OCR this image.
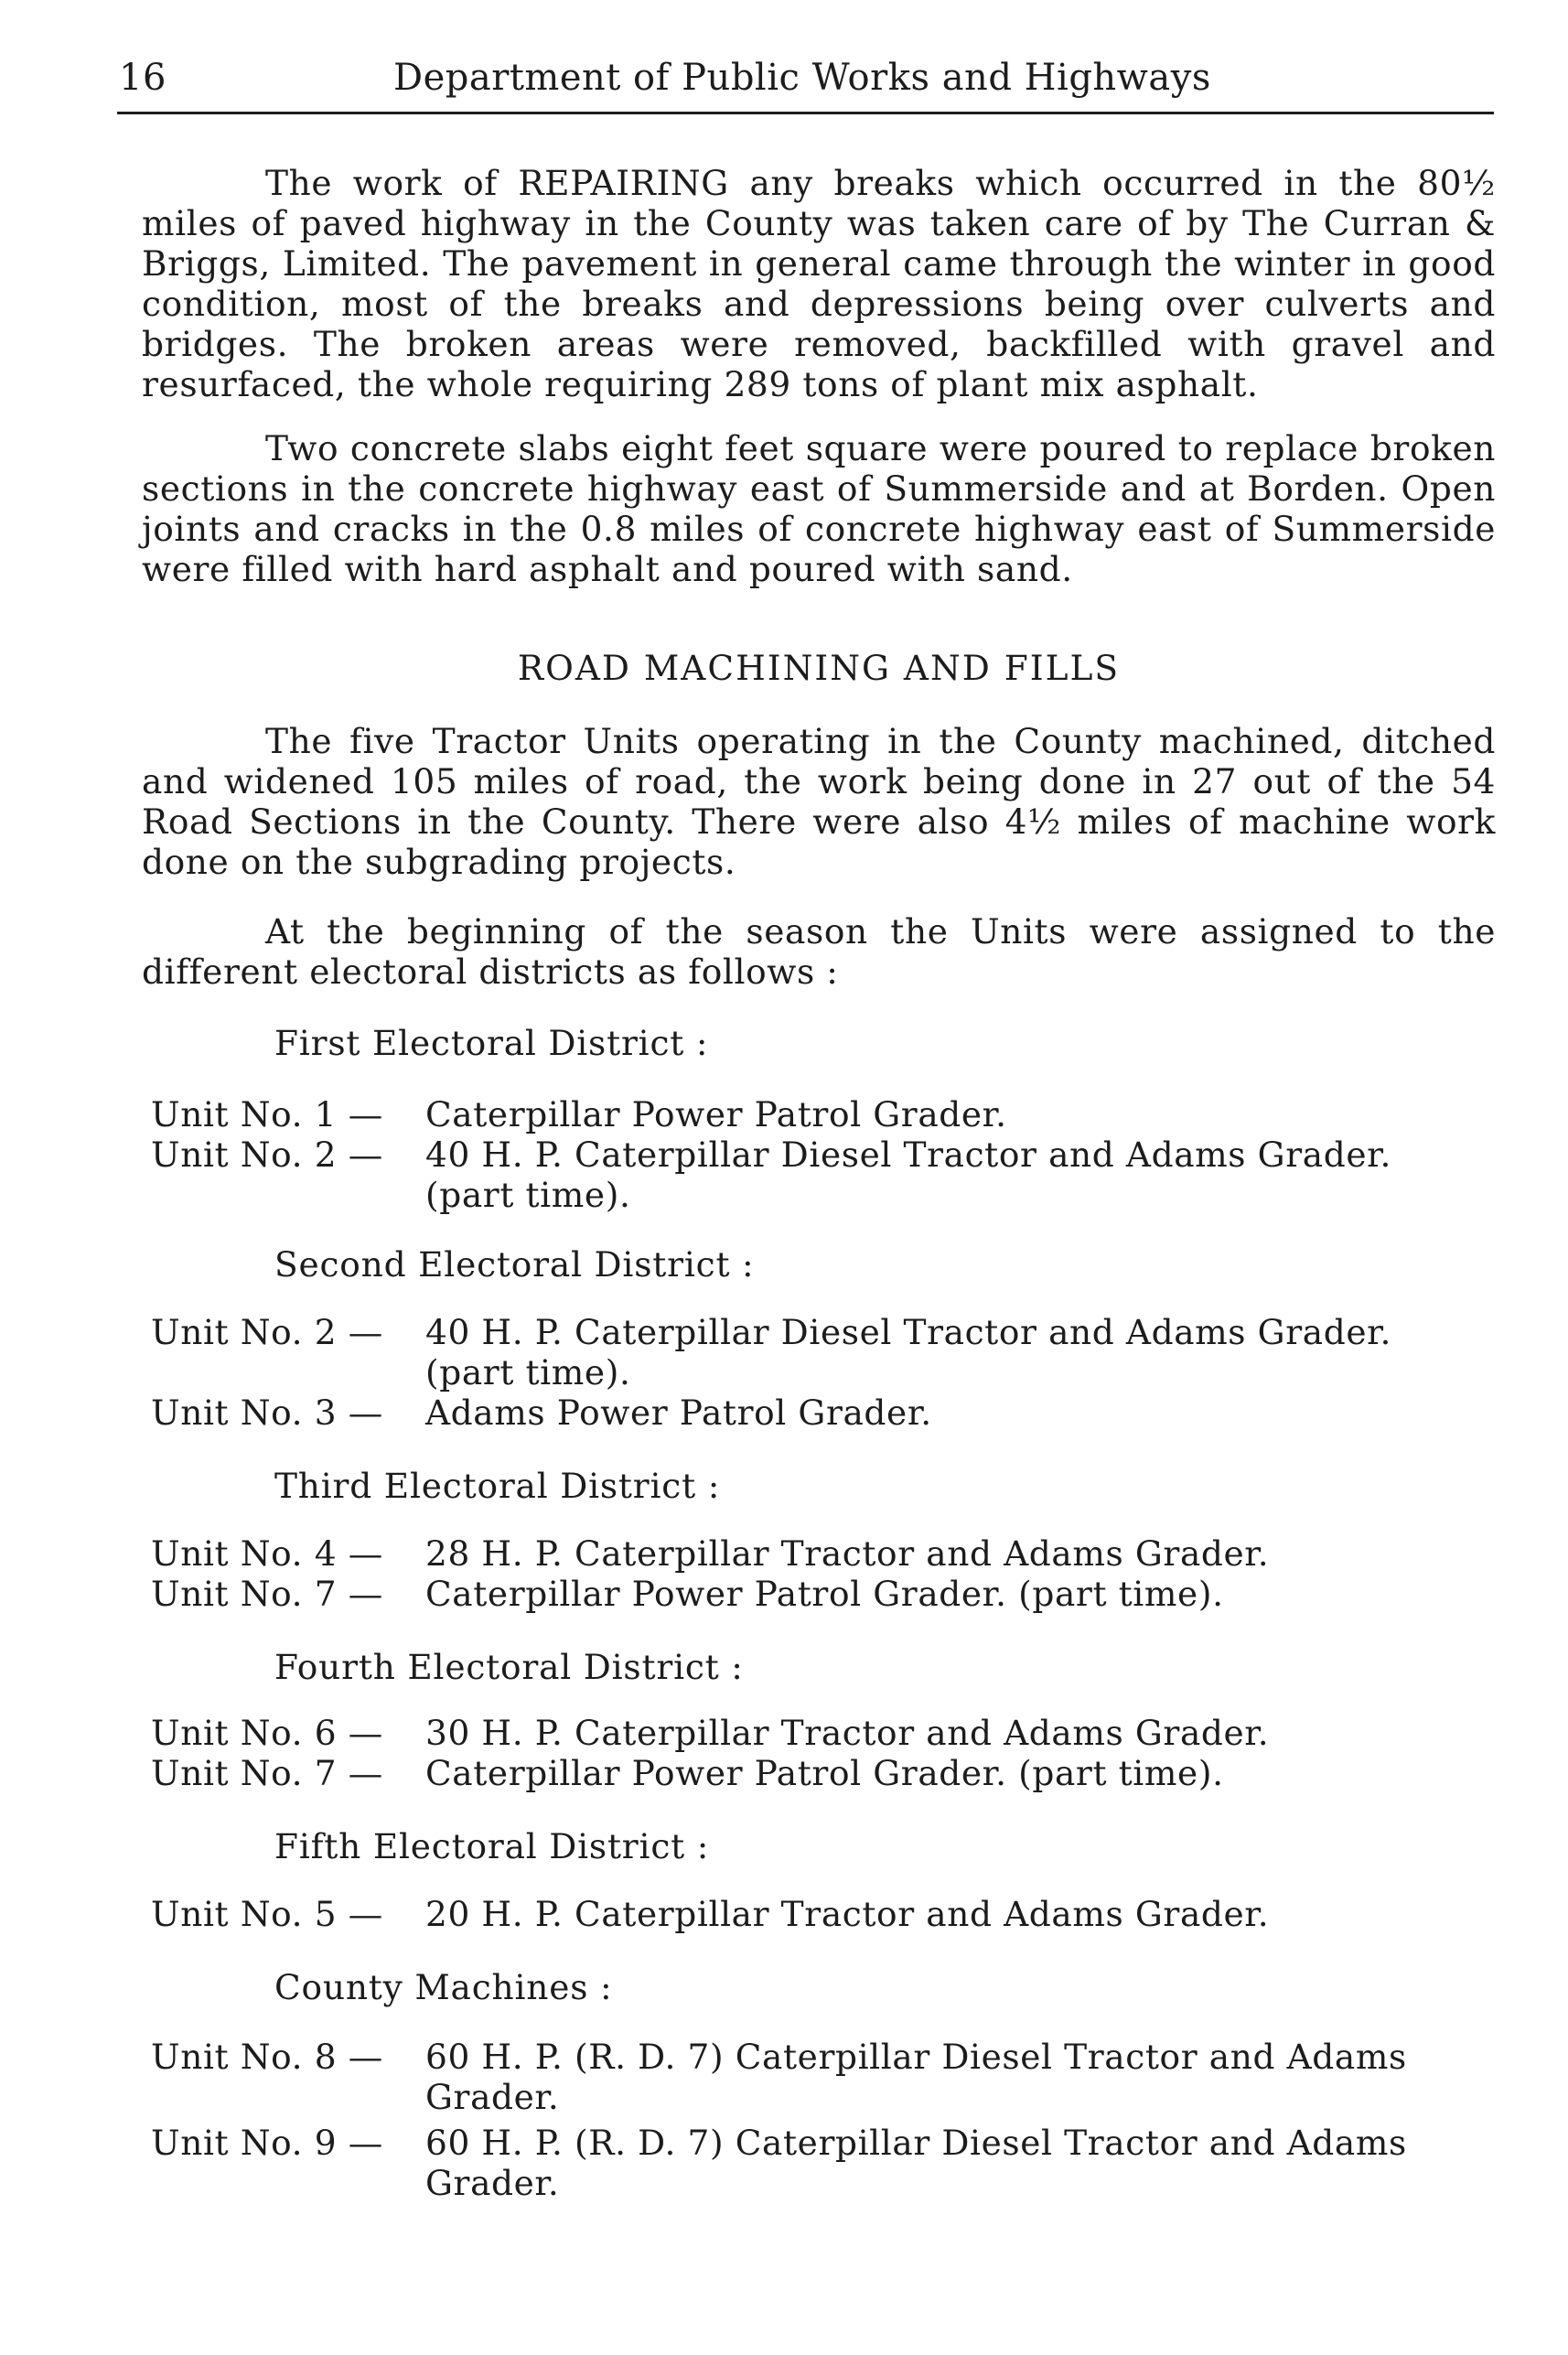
16	Department of Public Works and Highways

The work of REPAIRING any breaks which occurred in the 80½ miles of paved highway in the County was taken care of by The Curran & Briggs, Limited. The pavement in general came through the winter in good condition, most of the breaks and depressions being over culverts and bridges. The broken areas were removed, backfilled with gravel and resurfaced, the whole requiring 289 tons of plant mix asphalt.

Two concrete slabs eight feet square were poured to replace broken sections in the concrete highway east of Summerside and at Borden. Open joints and cracks in the 0.8 miles of concrete highway east of Summerside were filled with hard asphalt and poured with sand.

ROAD MACHINING AND FILLS

The five Tractor Units operating in the County machined, ditched and widened 105 miles of road, the work being done in 27 out of the 54 Road Sections in the County. There were also 4½ miles of machine work done on the subgrading projects.

At the beginning of the season the Units were assigned to the different electoral districts as follows :

First Electoral District :
Unit No. 1 — Caterpillar Power Patrol Grader.
Unit No. 2 — 40 H. P. Caterpillar Diesel Tractor and Adams Grader.
(part time).
Second Electoral District :
Unit No. 2 — 40 H. P. Caterpillar Diesel Tractor and Adams Grader.
(part time).
Unit No. 3 — Adams Power Patrol Grader.
Third Electoral District :
Unit No. 4 — 28 H. P. Caterpillar Tractor and Adams Grader.
Unit No. 7 — Caterpillar Power Patrol Grader. (part time).
Fourth Electoral District :
Unit No. 6 — 30 H. P. Caterpillar Tractor and Adams Grader.
Unit No. 7 — Caterpillar Power Patrol Grader. (part time).
Fifth Electoral District :
Unit No. 5 — 20 H. P. Caterpillar Tractor and Adams Grader.
County Machines :
Unit No. 8 — 60 H. P. (R. D. 7) Caterpillar Diesel Tractor and Adams
Grader.
Unit No. 9 — 60 H. P. (R. D. 7) Caterpillar Diesel Tractor and Adams
Grader.
